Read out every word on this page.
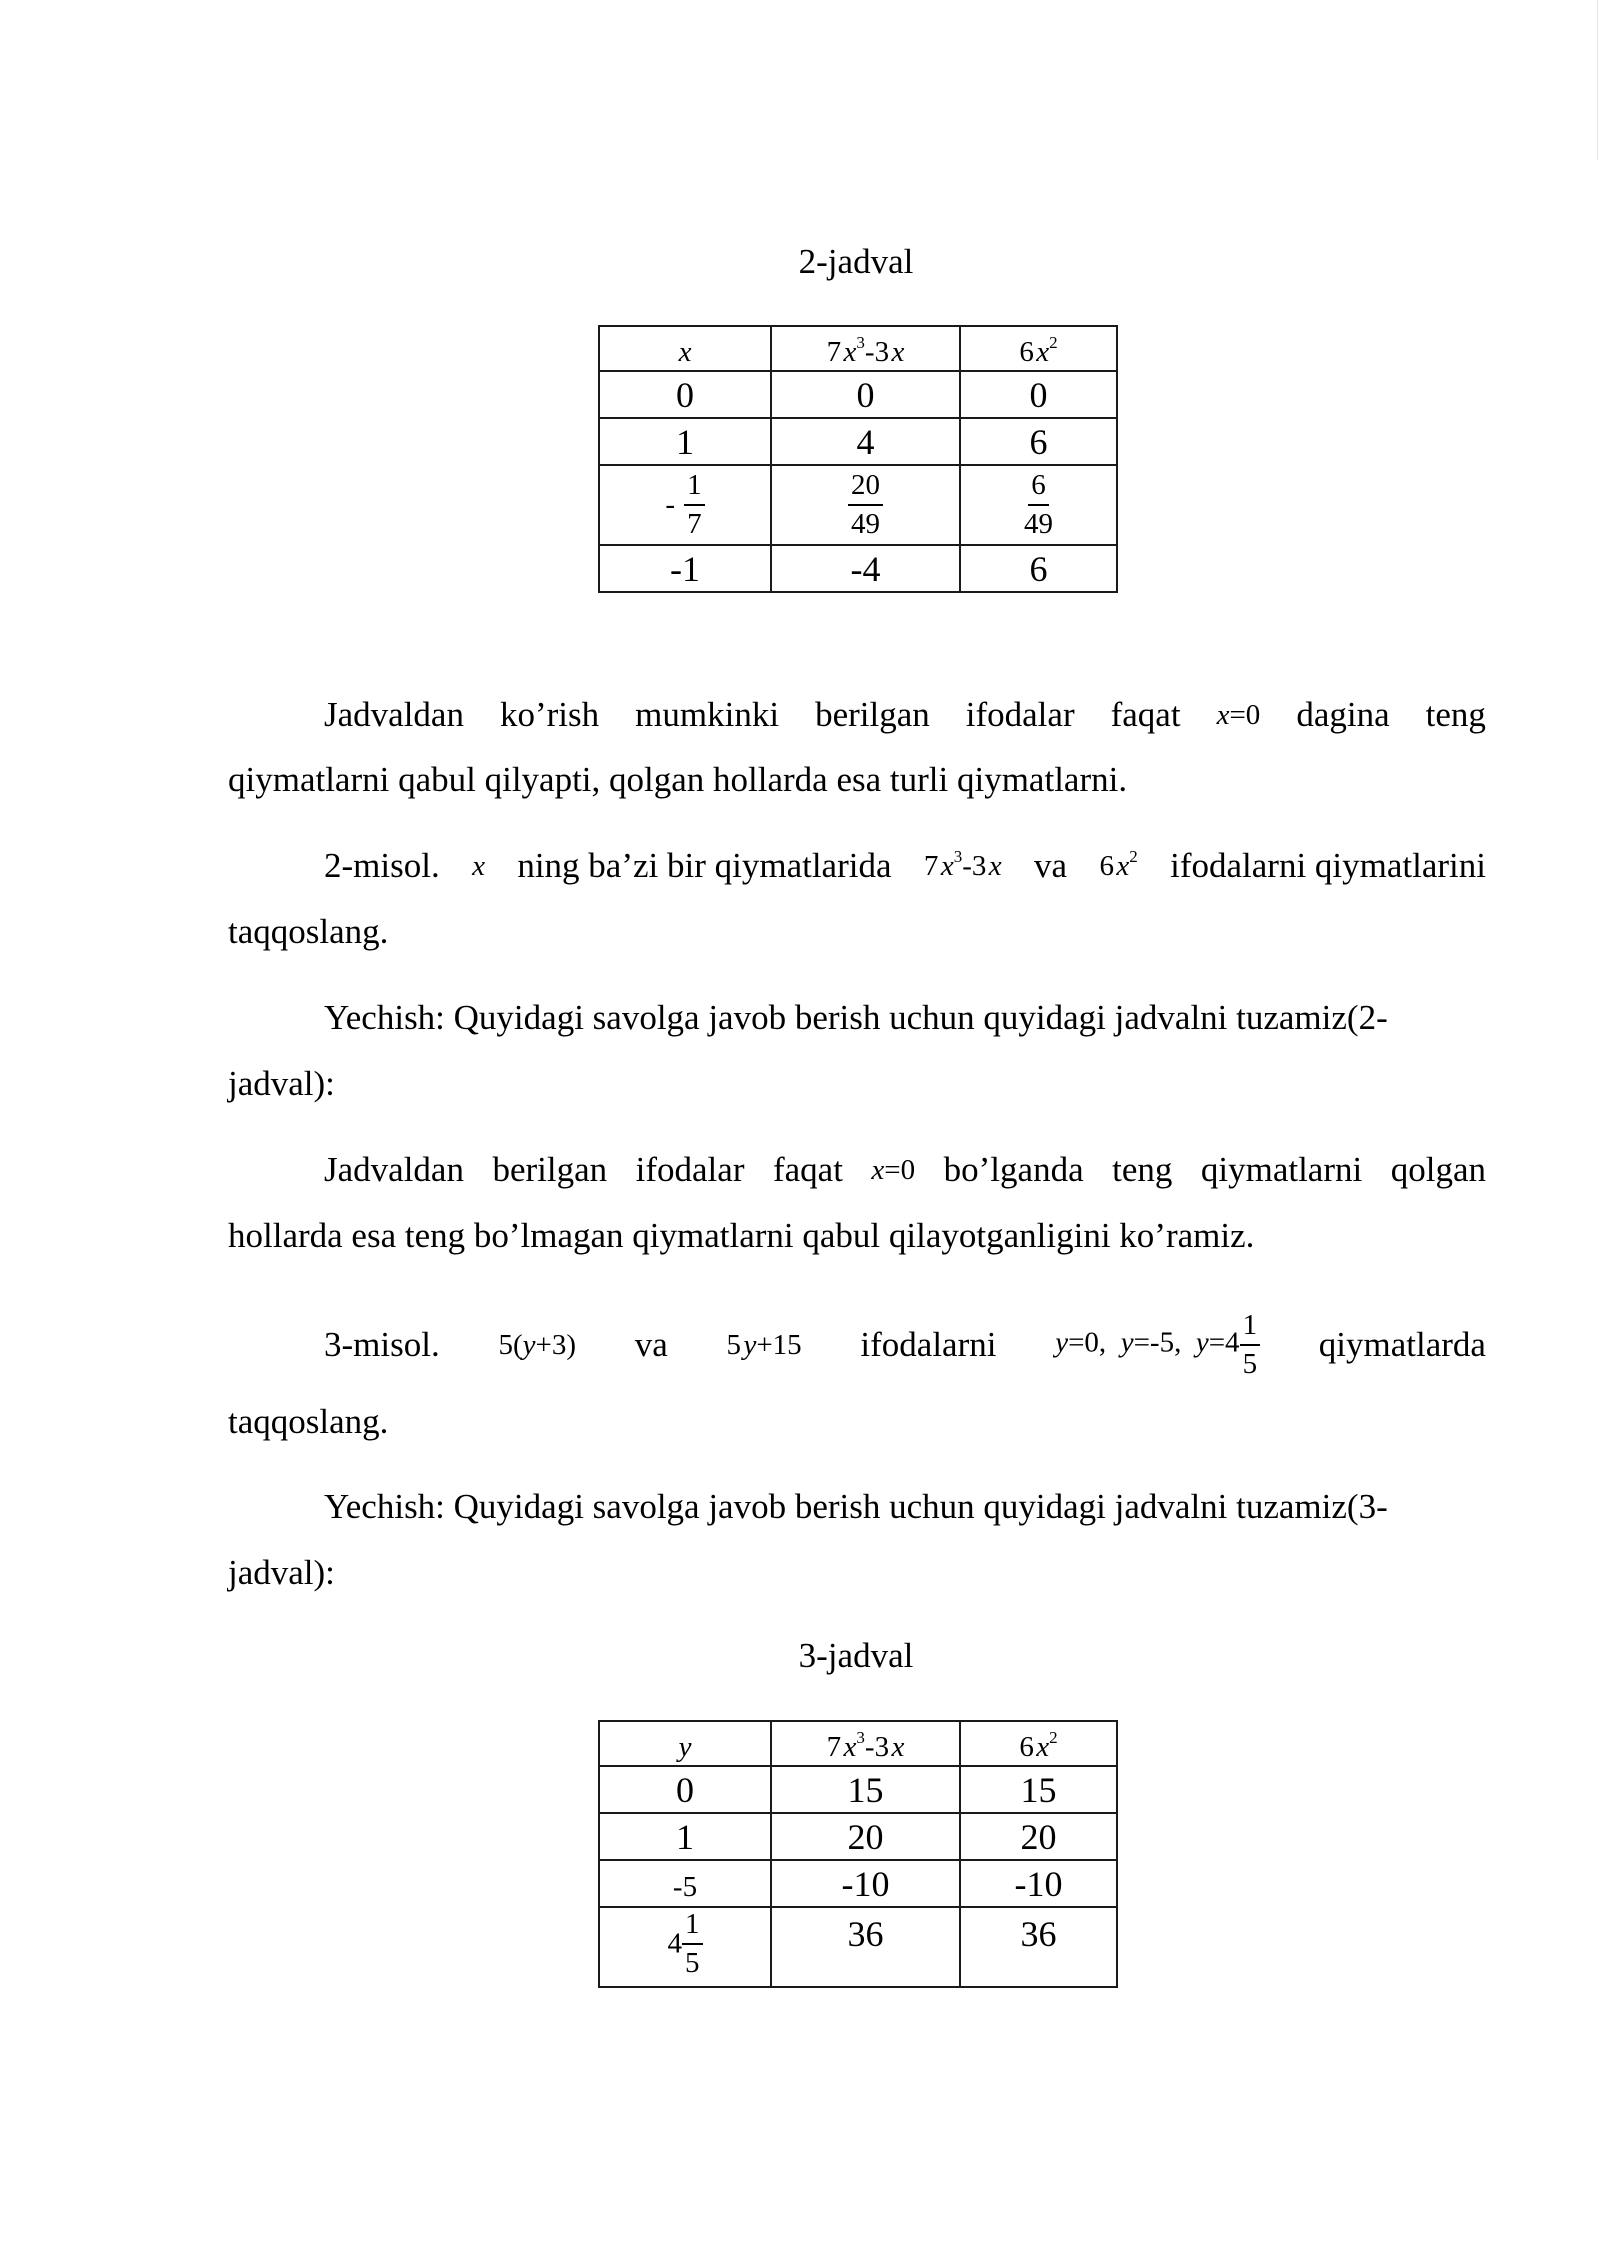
2-jadval
x	7 $x^3-3$ x	6 $x^2$
0	0	0
1	4	6
- $\frac{1}{7}$	$\frac{20}{49}$	$\frac{6}{49}$

-1	-4	6
Jadvaldan ko’rish mumkinki berilgan ifodalar faqat x=0 dagina teng
qiymatlarni qabul qilyapti, qolgan hollarda esa turli qiymatlarni.
2-misol. x ning ba’zi bir qiymatlarida 7 $x^3-3$ x va 6 $x^2$ ifodalarni qiymatlarini
taqqoslang.
Yechish: Quyidagi savolga javob berish uchun quyidagi jadvalni tuzamiz(2-
jadval):
Jadvaldan berilgan ifodalar faqat x=0 bo’lganda teng qiymatlarni qolgan
hollarda esa teng bo’lmagan qiymatlarni qabul qilayotganligini ko’ramiz.
3-misol. 5(y+3) va 5 y+15 ifodalarni y=0, y=-5, $y=4 \frac{1}{5}$ qiymatlarda
taqqoslang.
Yechish: Quyidagi savolga javob berish uchun quyidagi jadvalni tuzamiz(3-
jadval):
3-jadval
y	7 $x^3-3$ x	6 $x^2$
0	15	15
1	20	20
-5	-10	-10
$4 \frac{1}{5}$	36	36
